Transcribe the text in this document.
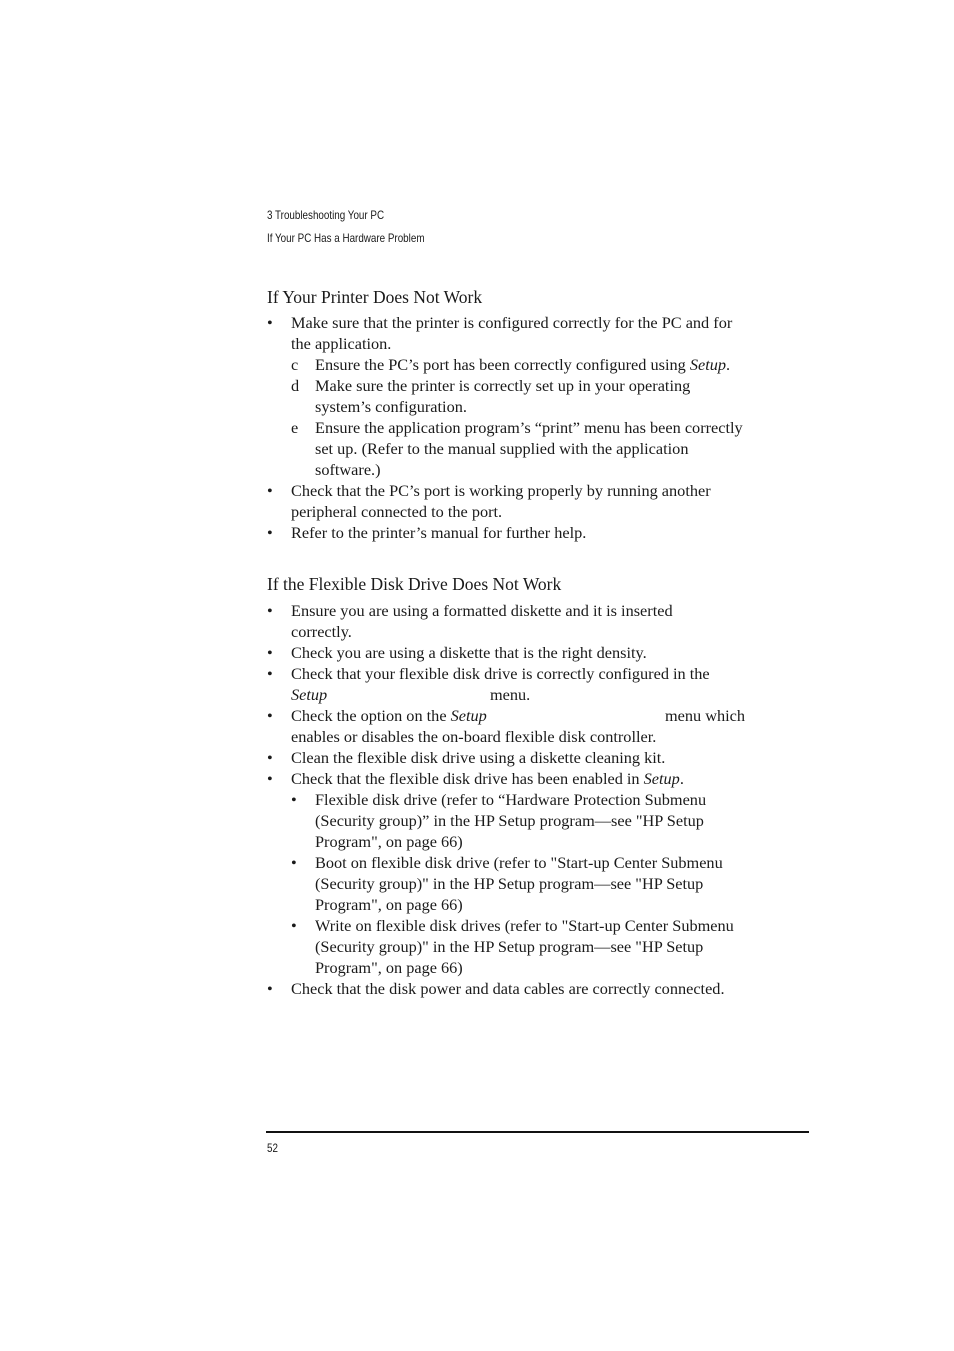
3 Troubleshooting Your PC
If Your PC Has a Hardware Problem
If Your Printer Does Not Work
• Make sure that the printer is configured correctly for the PC and for
the application.
c Ensure the PC’s port has been correctly configured using Setup.
d Make sure the printer is correctly set up in your operating
system’s configuration.
e Ensure the application program’s “print” menu has been correctly
set up. (Refer to the manual supplied with the application
software.)
• Check that the PC’s port is working properly by running another
peripheral connected to the port.
• Refer to the printer’s manual for further help.
If the Flexible Disk Drive Does Not Work
• Ensure you are using a formatted diskette and it is inserted
correctly.
• Check you are using a diskette that is the right density.
• Check that your flexible disk drive is correctly configured in the
Setup	menu.
• Check the option on the Setup	menu which
enables or disables the on-board flexible disk controller.
• Clean the flexible disk drive using a diskette cleaning kit.
• Check that the flexible disk drive has been enabled in Setup.
• Flexible disk drive (refer to “Hardware Protection Submenu
(Security group)” in the HP Setup program—see "HP Setup
Program", on page 66)
• Boot on flexible disk drive (refer to "Start-up Center Submenu
(Security group)" in the HP Setup program—see "HP Setup
Program", on page 66)
• Write on flexible disk drives (refer to "Start-up Center Submenu
(Security group)" in the HP Setup program—see "HP Setup
Program", on page 66)
• Check that the disk power and data cables are correctly connected.
52
